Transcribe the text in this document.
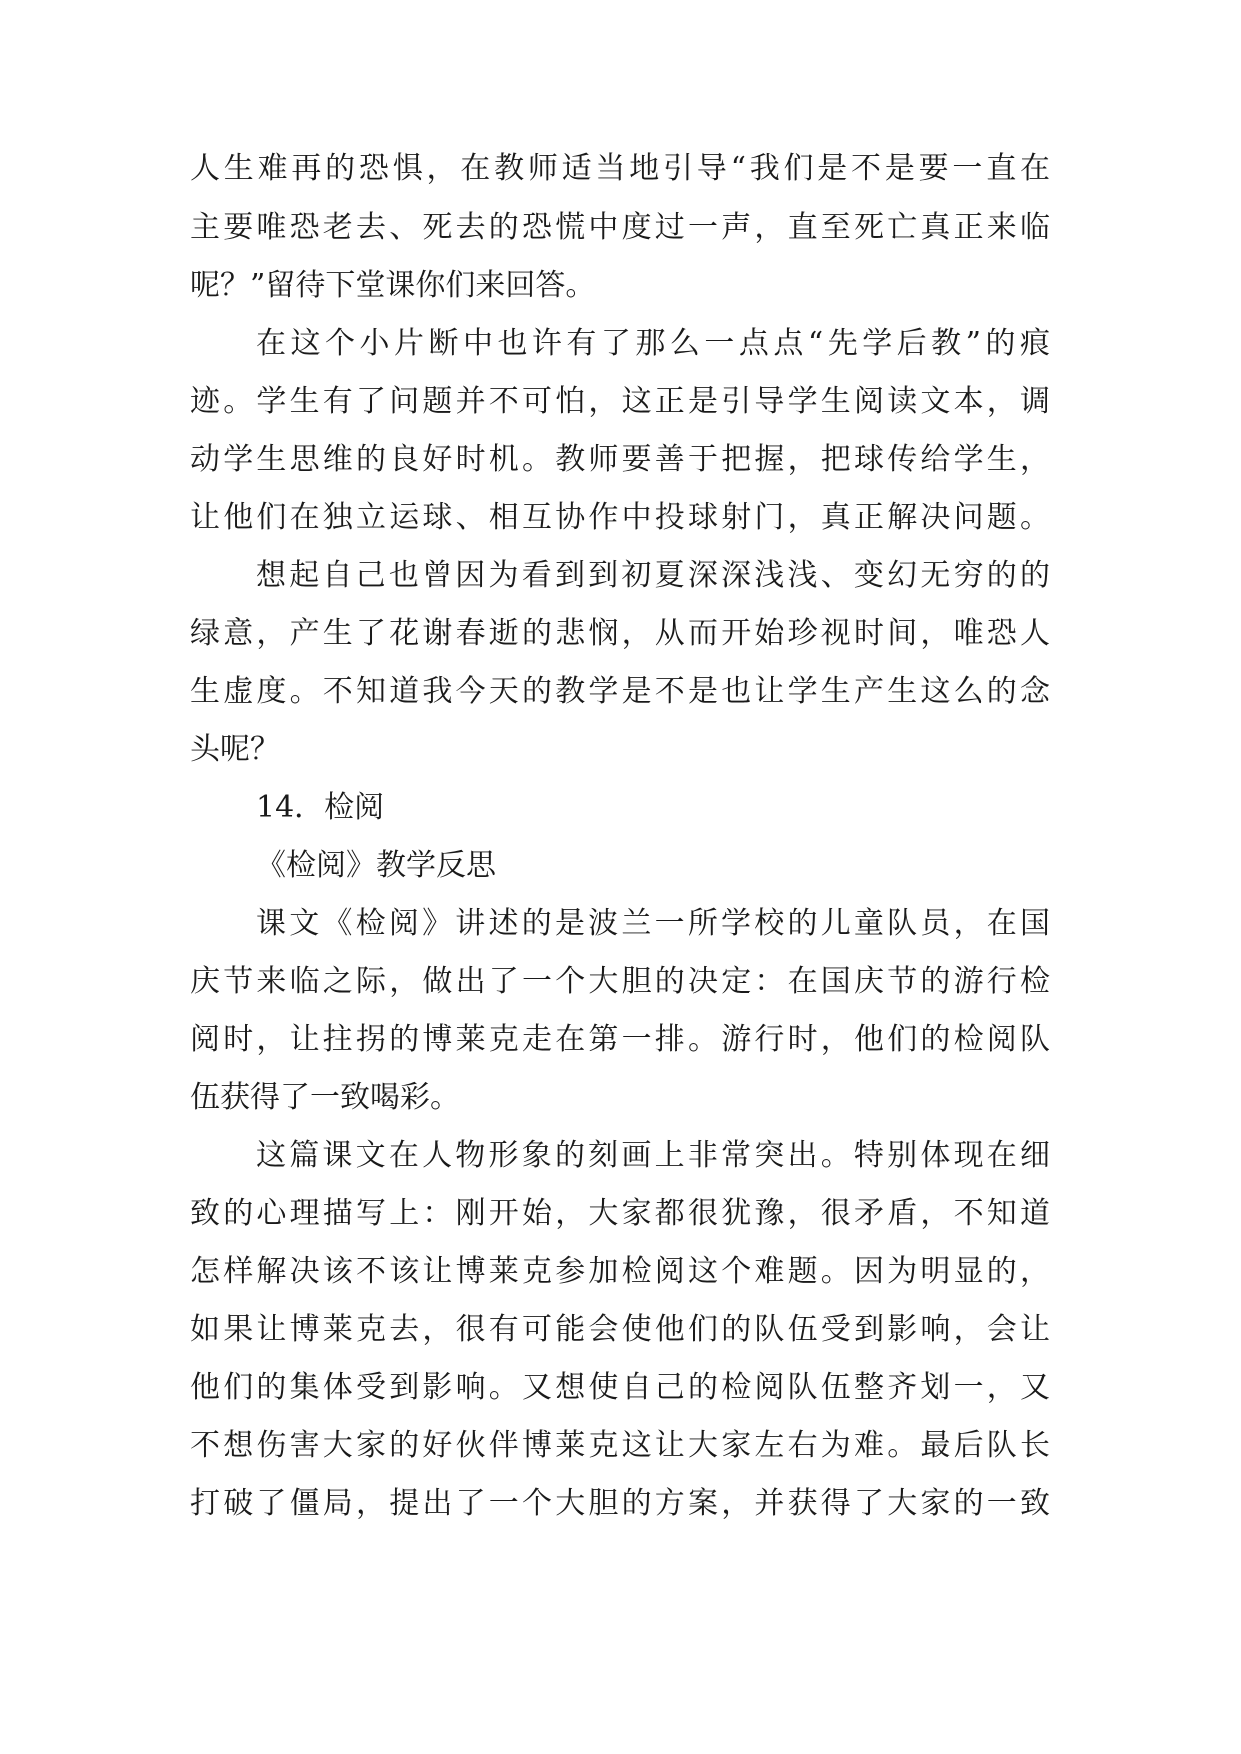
人生难再的恐惧，在教师适当地引导“我们是不是要一直在
主要唯恐老去、死去的恐慌中度过一声，直至死亡真正来临
呢？”留待下堂课你们来回答。
在这个小片断中也许有了那么一点点“先学后教”的痕
迹。学生有了问题并不可怕，这正是引导学生阅读文本，调
动学生思维的良好时机。教师要善于把握，把球传给学生，
让他们在独立运球、相互协作中投球射门，真正解决问题。
想起自己也曾因为看到到初夏深深浅浅、变幻无穷的的
绿意，产生了花谢春逝的悲悯，从而开始珍视时间，唯恐人
生虚度。不知道我今天的教学是不是也让学生产生这么的念
头呢？
14．检阅
《检阅》教学反思
课文《检阅》讲述的是波兰一所学校的儿童队员，在国
庆节来临之际，做出了一个大胆的决定：在国庆节的游行检
阅时，让拄拐的博莱克走在第一排。游行时，他们的检阅队
伍获得了一致喝彩。
这篇课文在人物形象的刻画上非常突出。特别体现在细
致的心理描写上：刚开始，大家都很犹豫，很矛盾，不知道
怎样解决该不该让博莱克参加检阅这个难题。因为明显的，
如果让博莱克去，很有可能会使他们的队伍受到影响，会让
他们的集体受到影响。又想使自己的检阅队伍整齐划一，又
不想伤害大家的好伙伴博莱克这让大家左右为难。最后队长
打破了僵局，提出了一个大胆的方案，并获得了大家的一致
